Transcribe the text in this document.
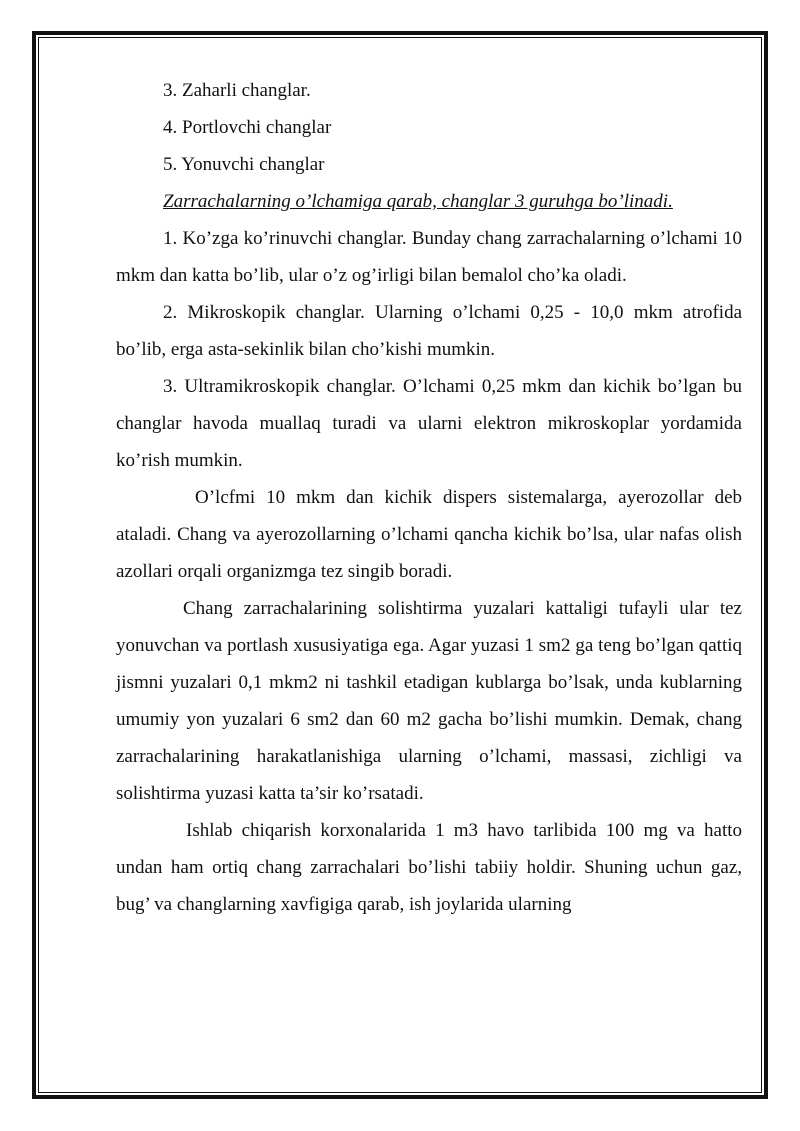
3. Zaharli changlar.

4. Portlovchi changlar

5. Yonuvchi changlar

Zarrachalarning o’lchamiga qarab, changlar 3 guruhga bo’linadi.

1. Ko’zga ko’rinuvchi changlar. Bunday chang zarrachalarning o’lchami 10 mkm dan katta bo’lib, ular o’z og’irligi bilan bemalol cho’ka oladi.

2. Mikroskopik changlar. Ularning o’lchami 0,25 - 10,0 mkm atrofida bo’lib, erga asta-sekinlik bilan cho’kishi mumkin.

3. Ultramikroskopik changlar. O’lchami 0,25 mkm dan kichik bo’lgan bu changlar havoda muallaq turadi va ularni elektron mikroskoplar yordamida ko’rish mumkin.

O’lcfmi 10 mkm dan kichik dispers sistemalarga, ayerozollar deb ataladi. Chang va ayerozollarning o’lchami qancha kichik bo’lsa, ular nafas olish azollari orqali organizmga tez singib boradi.

Chang zarrachalarining solishtirma yuzalari kattaligi tufayli ular tez yonuvchan va portlash xususiyatiga ega. Agar yuzasi 1 sm2 ga teng bo’lgan qattiq jismni yuzalari 0,1 mkm2 ni tashkil etadigan kublarga bo’lsak, unda kublarning umumiy yon yuzalari 6 sm2 dan 60 m2 gacha bo’lishi mumkin. Demak, chang zarrachalarining harakatlanishiga ularning o’lchami, massasi, zichligi va solishtirma yuzasi katta ta’sir ko’rsatadi.

Ishlab chiqarish korxonalarida 1 m3 havo tarlibida 100 mg va hatto undan ham ortiq chang zarrachalari bo’lishi tabiiy holdir. Shuning uchun gaz, bug’ va changlarning xavfigiga qarab, ish joylarida ularning
